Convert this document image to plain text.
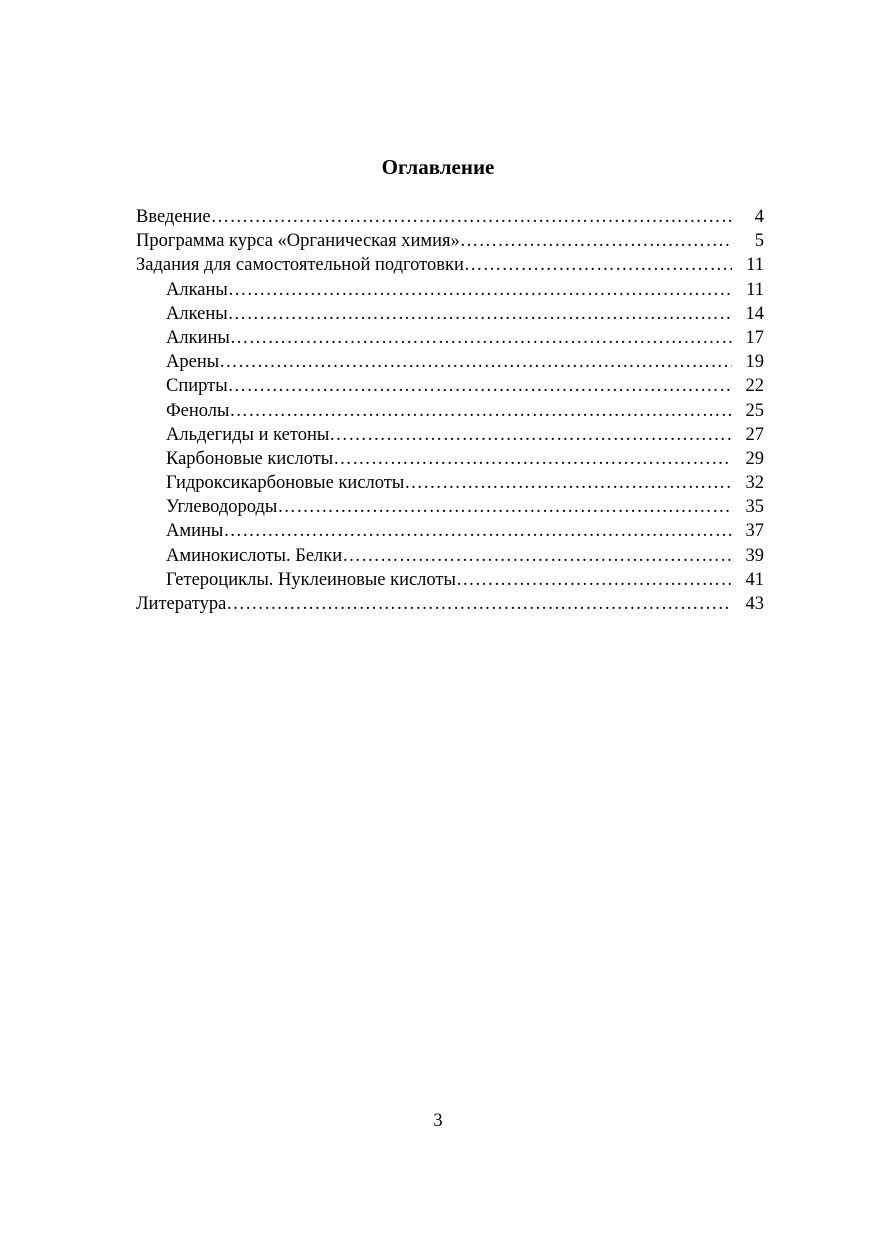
Оглавление
Введение …………………………………………………………………………………………………………………………	4
Программа курса «Органическая химия» …………………………………………………………………………………………………………………………	5
Задания для самостоятельной подготовки …………………………………………………………………………………………………………………………	11
Алканы …………………………………………………………………………………………………………………………	11
Алкены …………………………………………………………………………………………………………………………	14
Алкины …………………………………………………………………………………………………………………………	17
Арены …………………………………………………………………………………………………………………………	19
Спирты …………………………………………………………………………………………………………………………	22
Фенолы …………………………………………………………………………………………………………………………	25
Альдегиды и кетоны …………………………………………………………………………………………………………………………	27
Карбоновые кислоты …………………………………………………………………………………………………………………………	29
Гидроксикарбоновые кислоты …………………………………………………………………………………………………………………………	32
Углеводороды …………………………………………………………………………………………………………………………	35
Амины …………………………………………………………………………………………………………………………	37
Аминокислоты. Белки …………………………………………………………………………………………………………………………	39
Гетероциклы. Нуклеиновые кислоты …………………………………………………………………………………………………………………………	41
Литература …………………………………………………………………………………………………………………………	43
3
